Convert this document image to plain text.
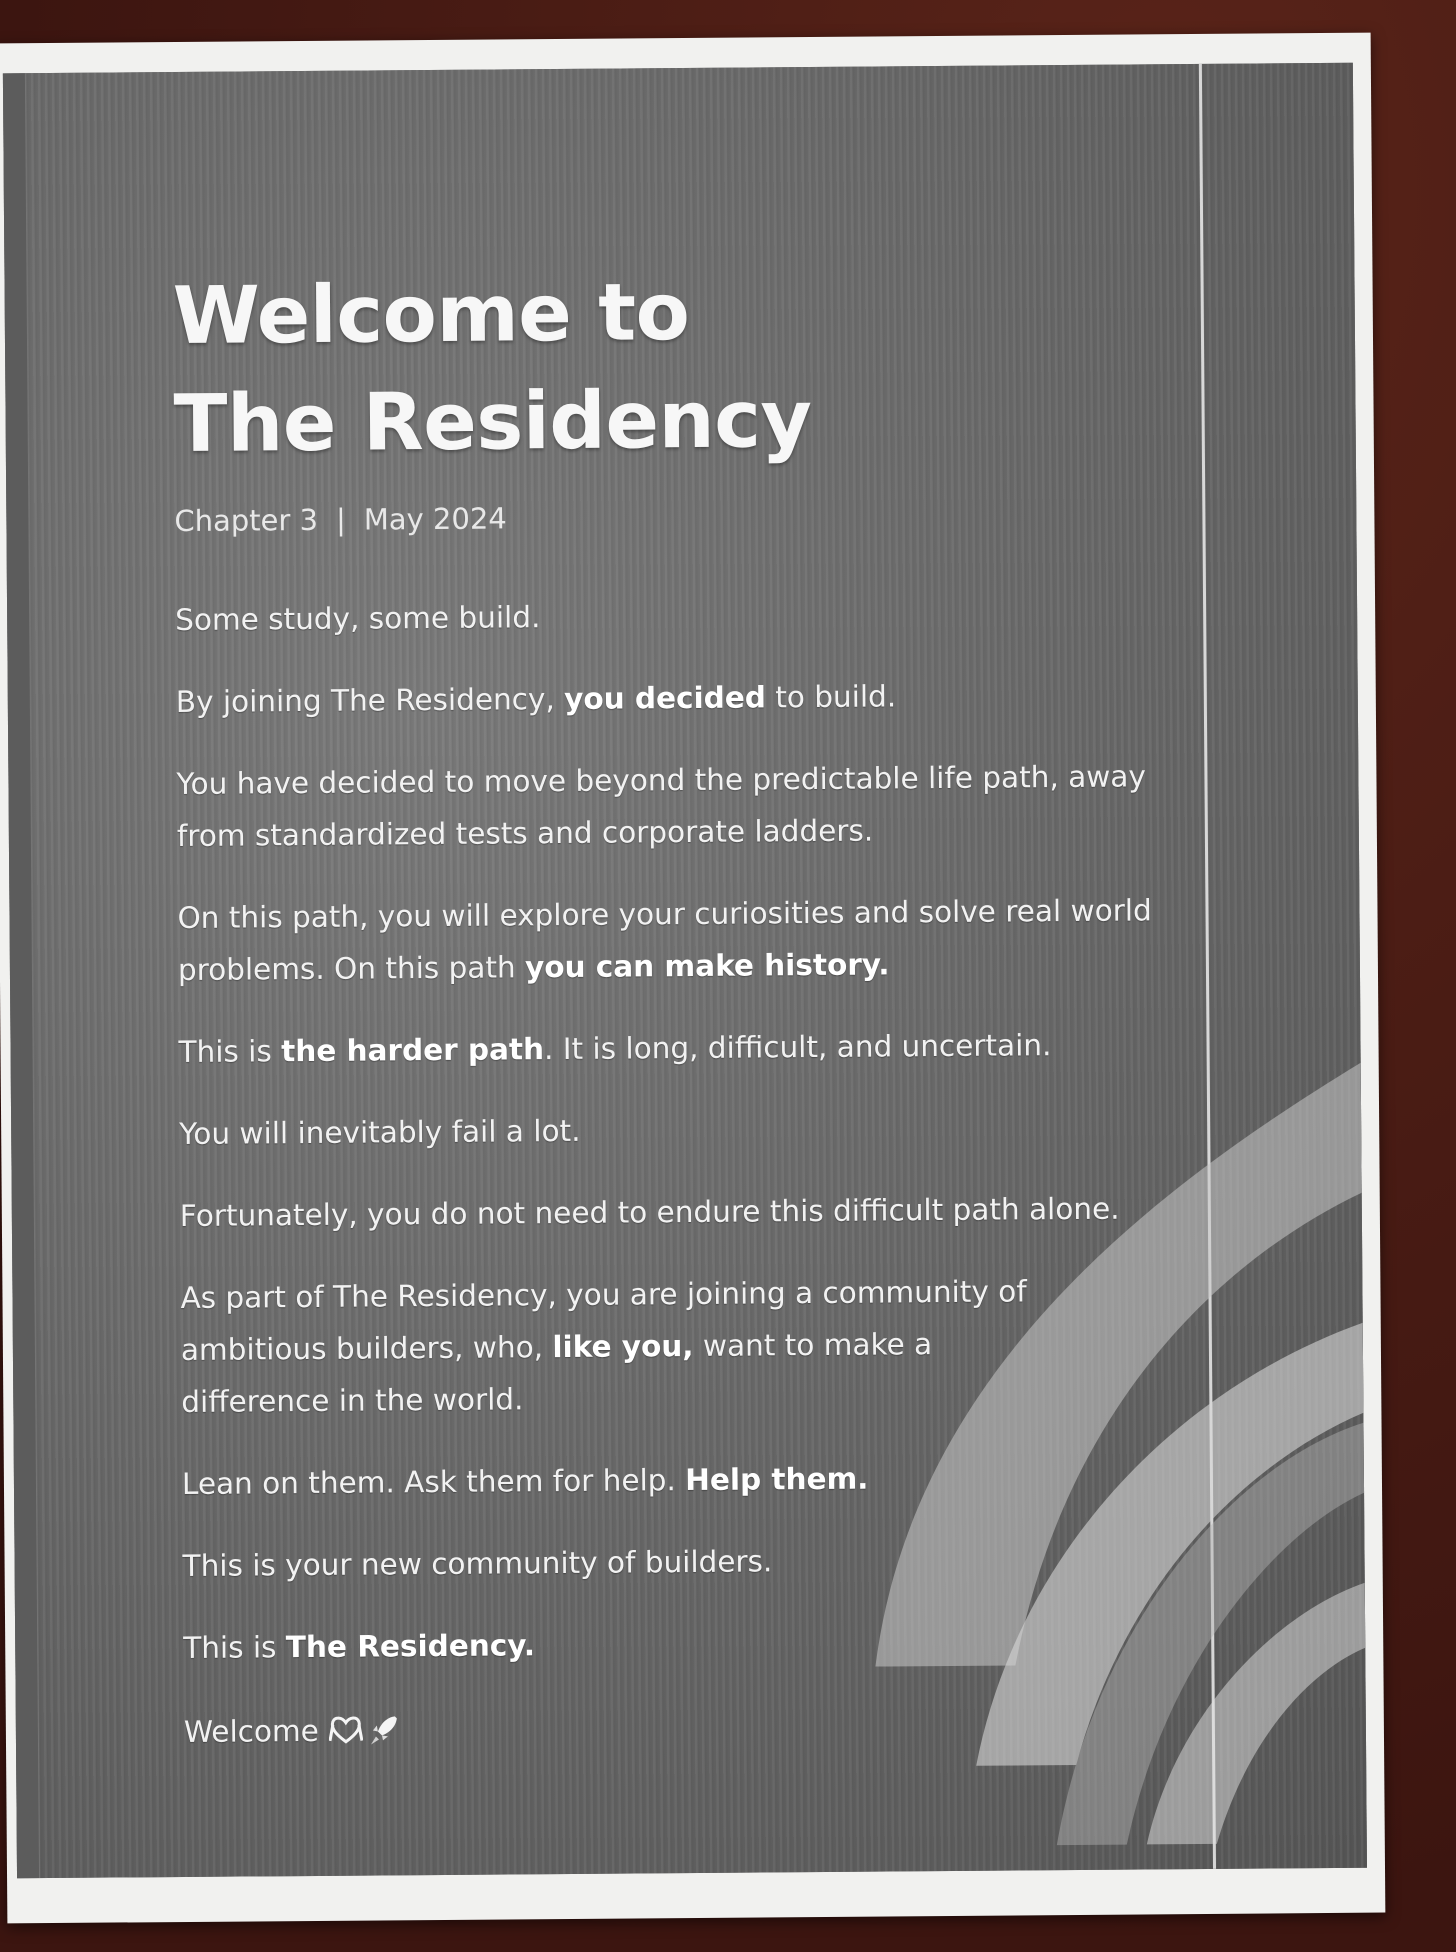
Welcome to
The Residency
Chapter 3 | May 2024

Some study, some build.

By joining The Residency, you decided to build.

You have decided to move beyond the predictable life path, away
from standardized tests and corporate ladders.

On this path, you will explore your curiosities and solve real world
problems. On this path you can make history.

This is the harder path. It is long, difficult, and uncertain.

You will inevitably fail a lot.

Fortunately, you do not need to endure this difficult path alone.

As part of The Residency, you are joining a community of
ambitious builders, who, like you, want to make a
difference in the world.

Lean on them. Ask them for help. Help them.

This is your new community of builders.

This is The Residency.

Welcome
